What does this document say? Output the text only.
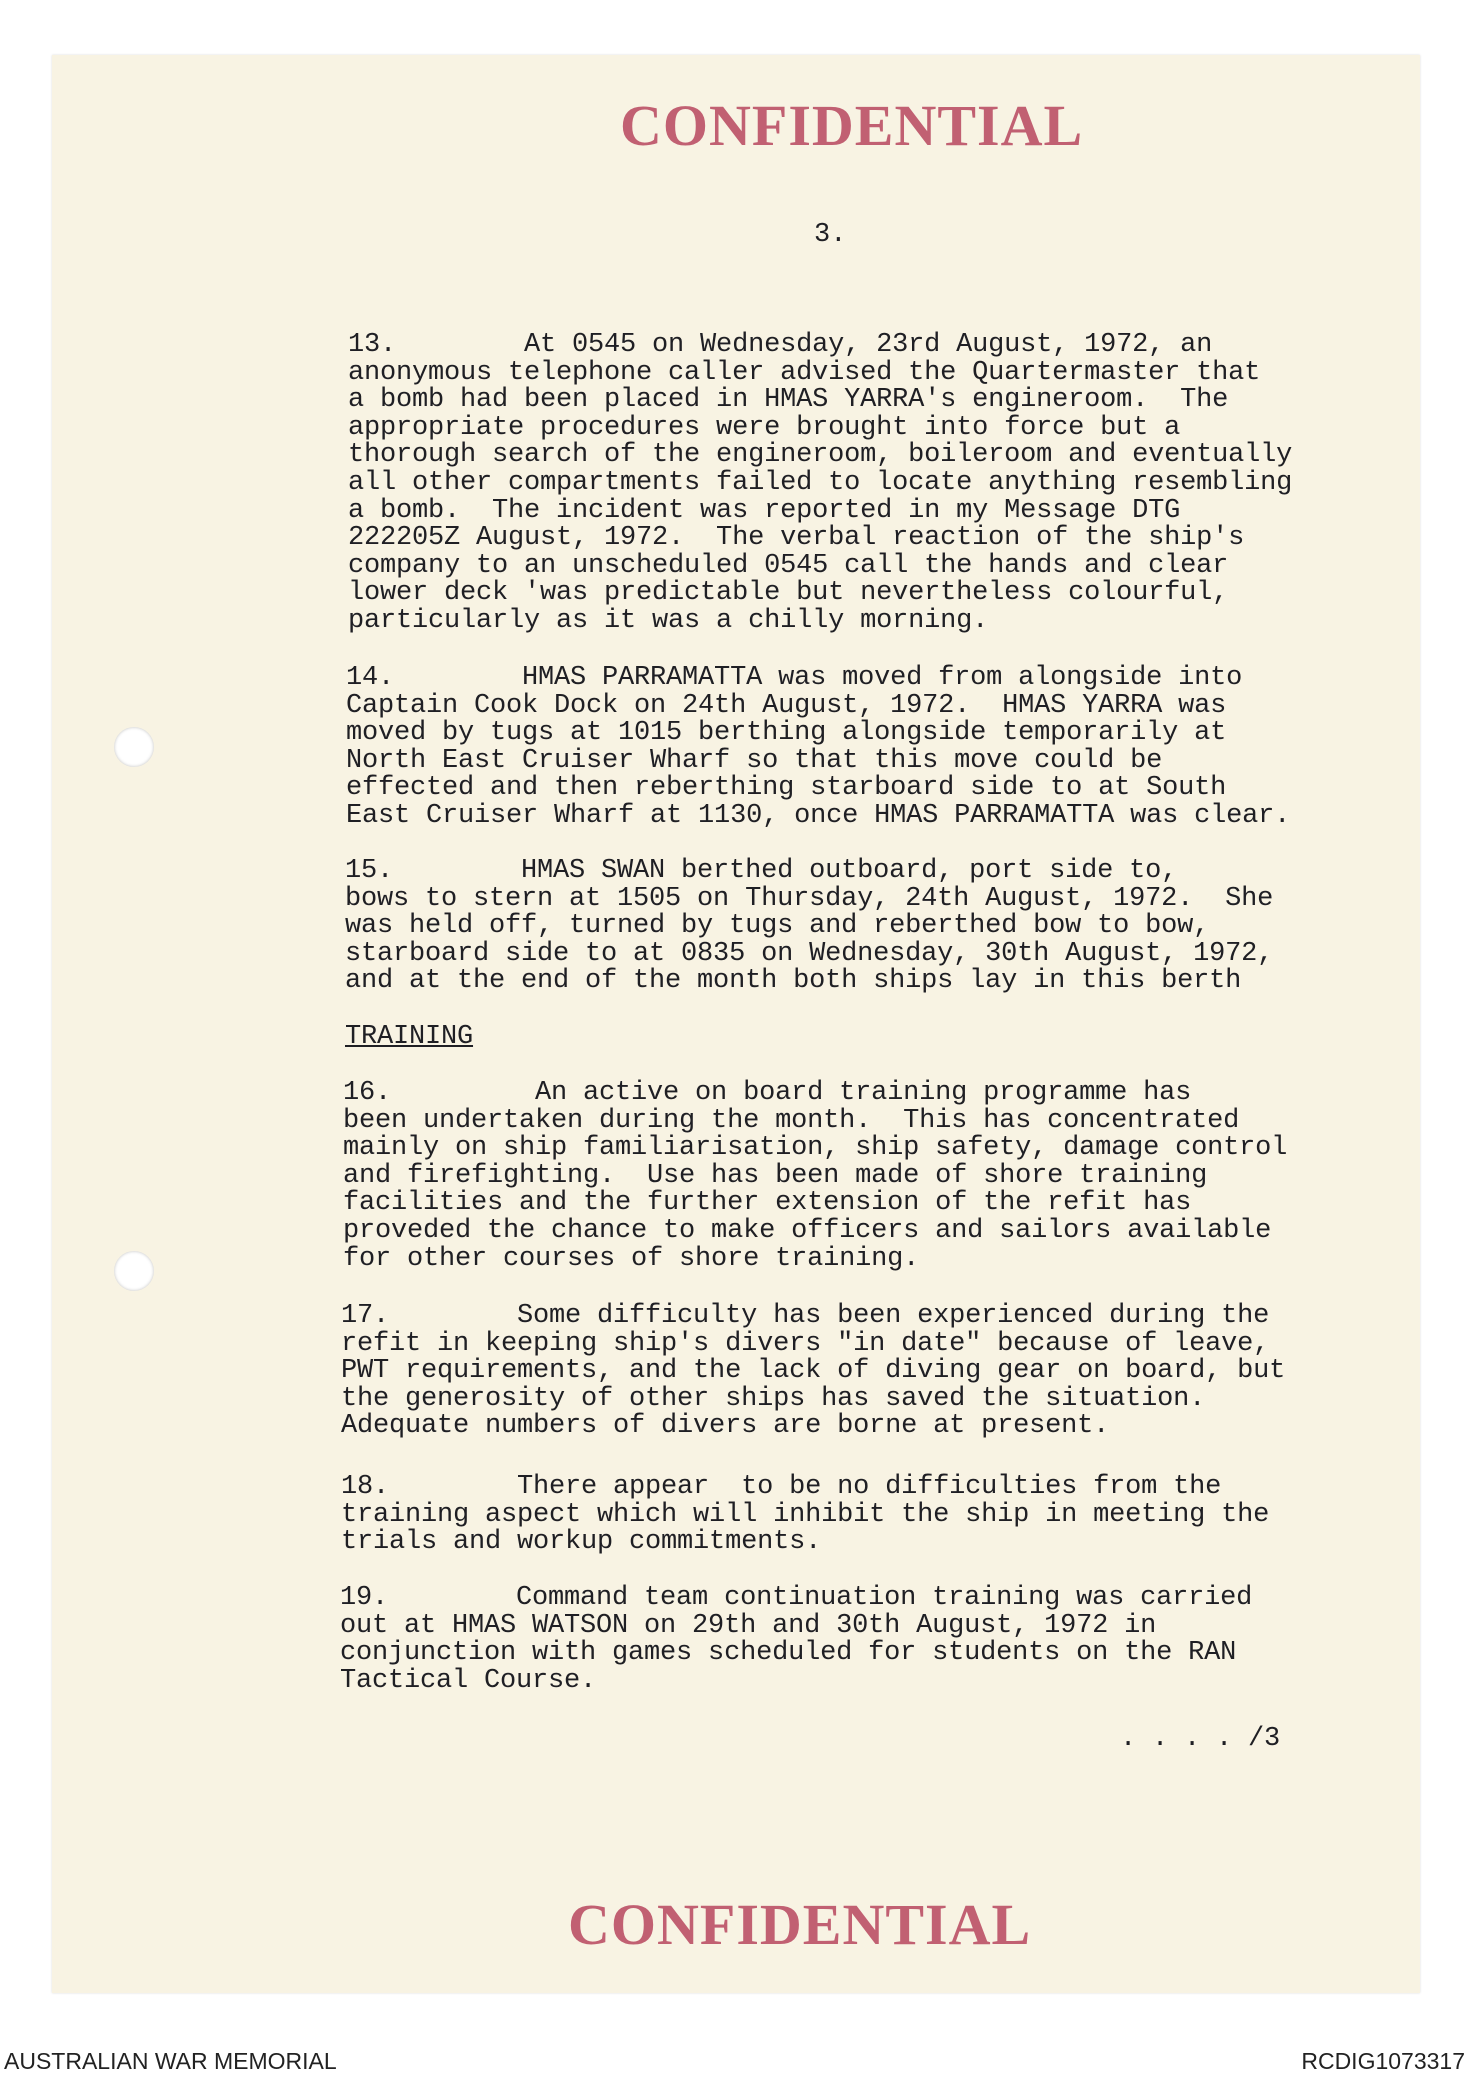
CONFIDENTIAL
3.
13.        At 0545 on Wednesday, 23rd August, 1972, an
anonymous telephone caller advised the Quartermaster that
a bomb had been placed in HMAS YARRA's engineroom.  The
appropriate procedures were brought into force but a
thorough search of the engineroom, boileroom and eventually
all other compartments failed to locate anything resembling
a bomb.  The incident was reported in my Message DTG
222205Z August, 1972.  The verbal reaction of the ship's
company to an unscheduled 0545 call the hands and clear
lower deck 'was predictable but nevertheless colourful,
particularly as it was a chilly morning.
14.        HMAS PARRAMATTA was moved from alongside into
Captain Cook Dock on 24th August, 1972.  HMAS YARRA was
moved by tugs at 1015 berthing alongside temporarily at
North East Cruiser Wharf so that this move could be
effected and then reberthing starboard side to at South
East Cruiser Wharf at 1130, once HMAS PARRAMATTA was clear.
15.        HMAS SWAN berthed outboard, port side to,
bows to stern at 1505 on Thursday, 24th August, 1972.  She
was held off, turned by tugs and reberthed bow to bow,
starboard side to at 0835 on Wednesday, 30th August, 1972,
and at the end of the month both ships lay in this berth
TRAINING
16.         An active on board training programme has
been undertaken during the month.  This has concentrated
mainly on ship familiarisation, ship safety, damage control
and firefighting.  Use has been made of shore training
facilities and the further extension of the refit has
proveded the chance to make officers and sailors available
for other courses of shore training.
17.        Some difficulty has been experienced during the
refit in keeping ship's divers "in date" because of leave,
PWT requirements, and the lack of diving gear on board, but
the generosity of other ships has saved the situation.
Adequate numbers of divers are borne at present.
18.        There appear  to be no difficulties from the
training aspect which will inhibit the ship in meeting the
trials and workup commitments.
19.        Command team continuation training was carried
out at HMAS WATSON on 29th and 30th August, 1972 in
conjunction with games scheduled for students on the RAN
Tactical Course.
. . . . /3
CONFIDENTIAL
AUSTRALIAN WAR MEMORIAL	RCDIG1073317
